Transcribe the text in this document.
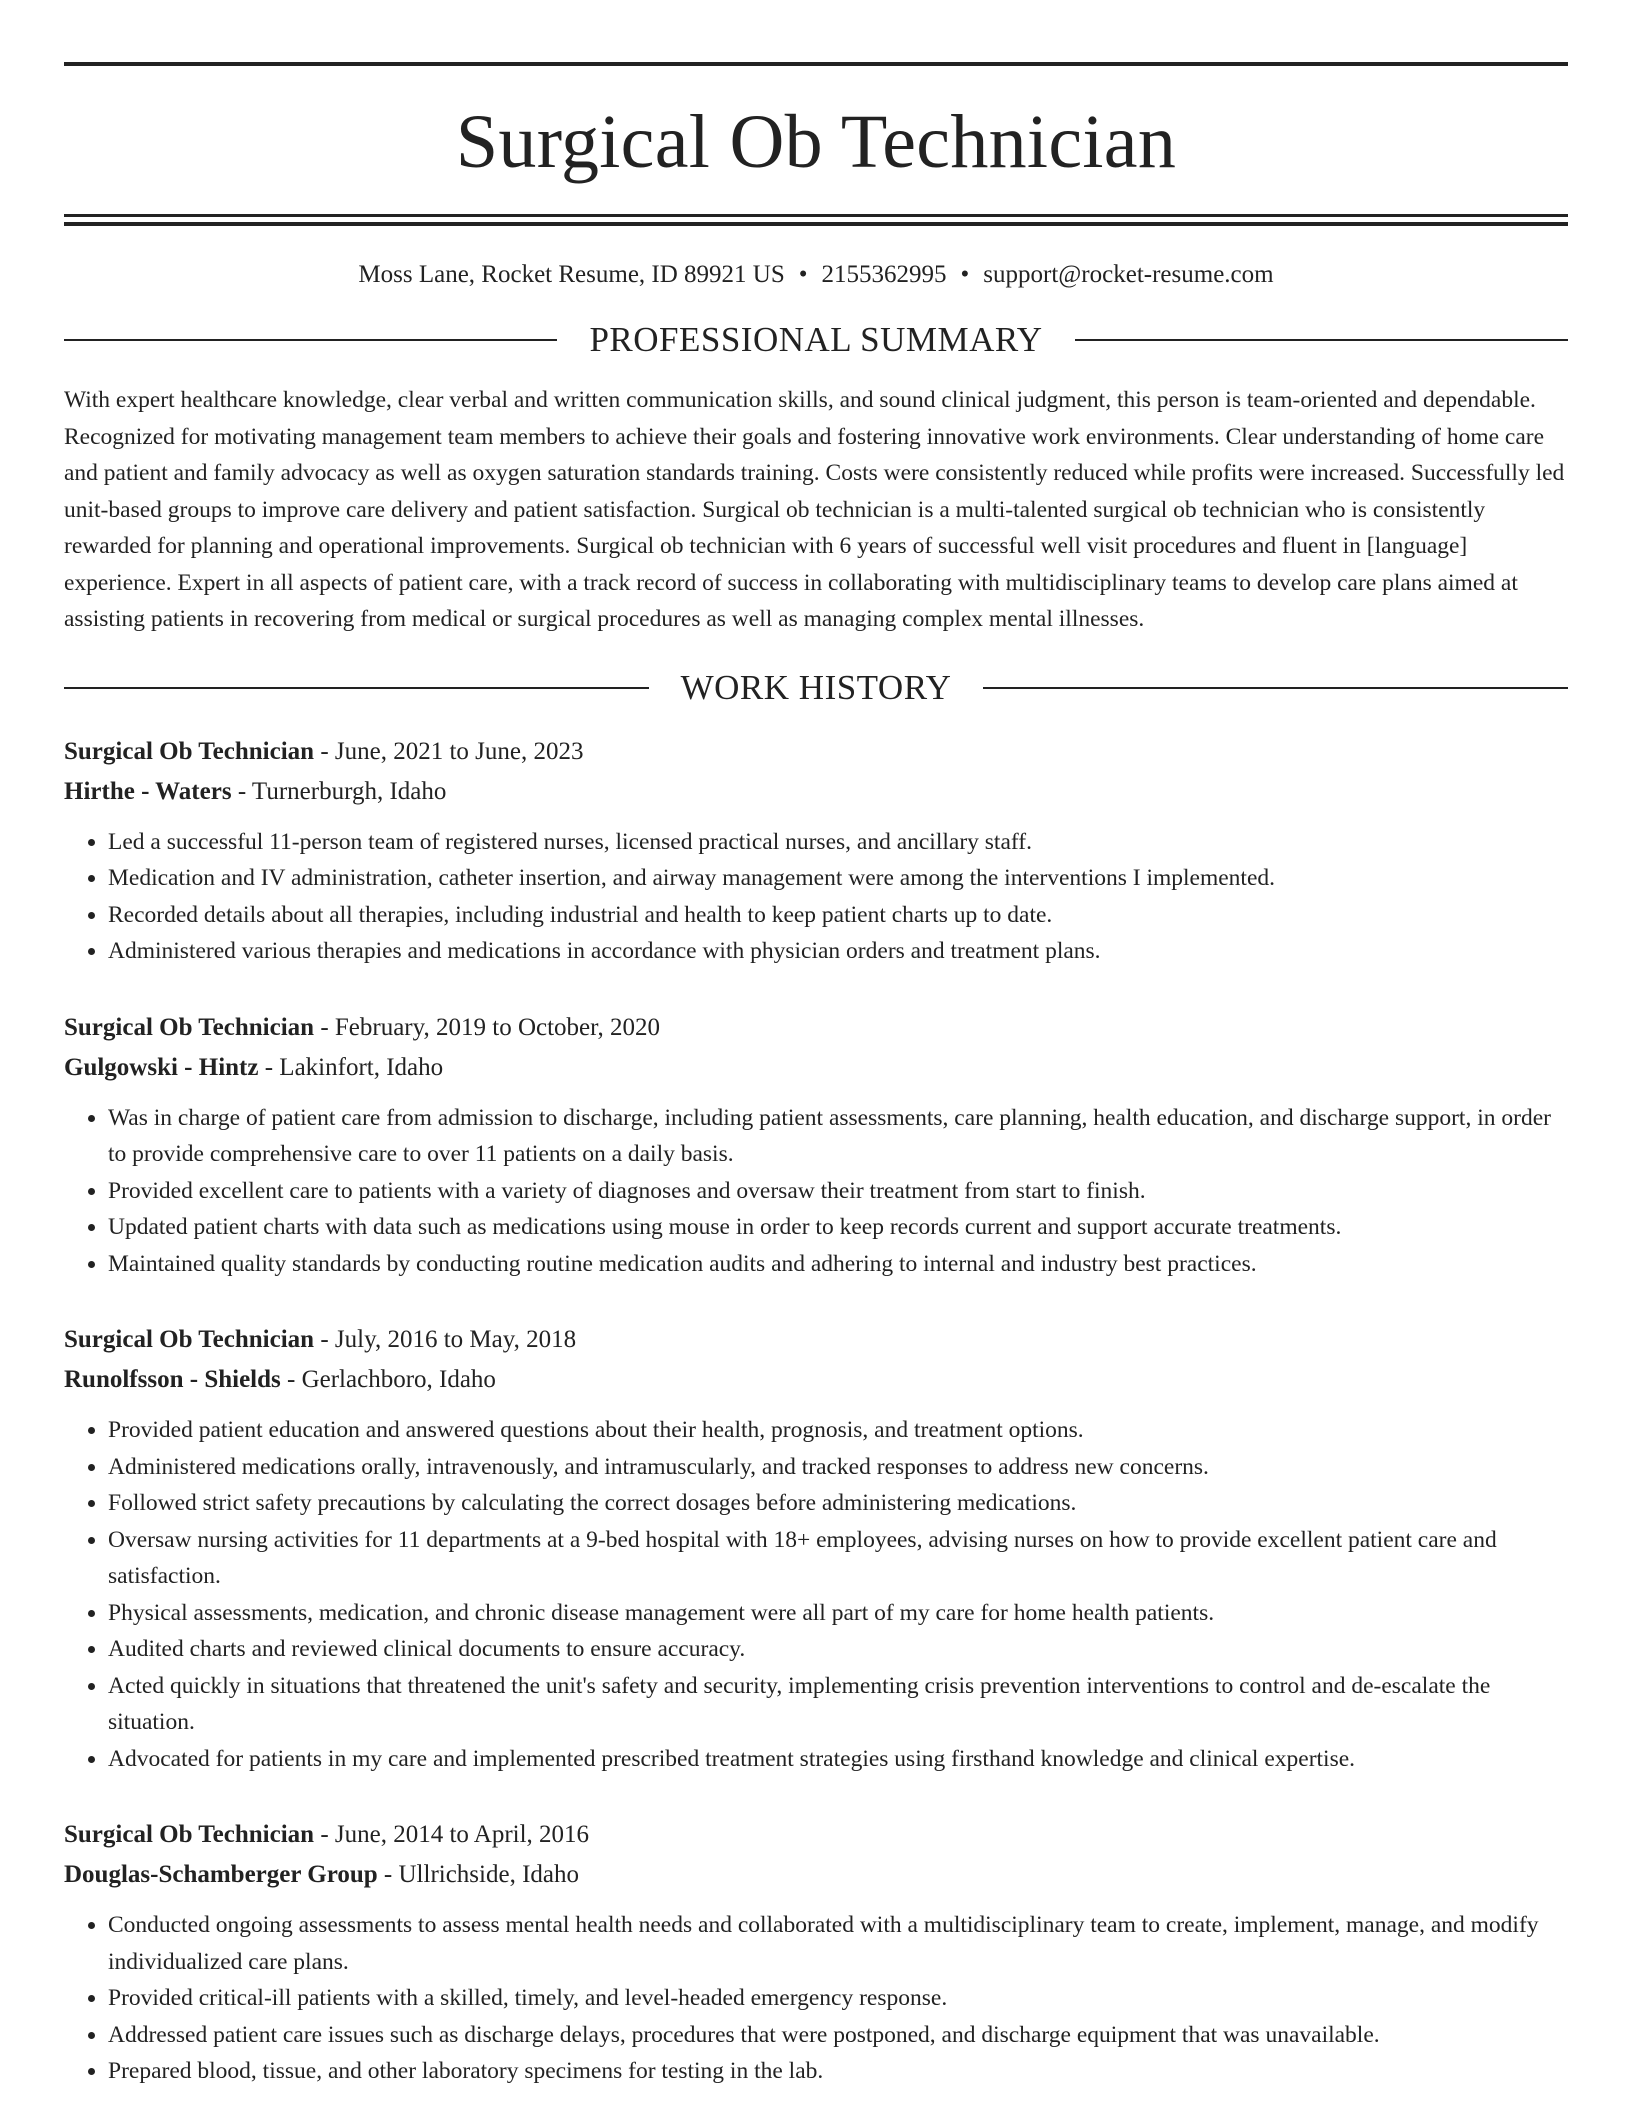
Surgical Ob Technician
Moss Lane, Rocket Resume, ID 89921 US • 2155362995 • support@rocket-resume.com
PROFESSIONAL SUMMARY

With expert healthcare knowledge, clear verbal and written communication skills, and sound clinical judgment, this person is team-oriented and dependable. Recognized for motivating management team members to achieve their goals and fostering innovative work environments. Clear understanding of home care and patient and family advocacy as well as oxygen saturation standards training. Costs were consistently reduced while profits were increased. Successfully led unit-based groups to improve care delivery and patient satisfaction. Surgical ob technician is a multi-talented surgical ob technician who is consistently rewarded for planning and operational improvements. Surgical ob technician with 6 years of successful well visit procedures and fluent in [language] experience. Expert in all aspects of patient care, with a track record of success in collaborating with multidisciplinary teams to develop care plans aimed at assisting patients in recovering from medical or surgical procedures as well as managing complex mental illnesses.

WORK HISTORY
Surgical Ob Technician - June, 2021 to June, 2023
Hirthe - Waters - Turnerburgh, Idaho
• Led a successful 11-person team of registered nurses, licensed practical nurses, and ancillary staff.
• Medication and IV administration, catheter insertion, and airway management were among the interventions I implemented.
• Recorded details about all therapies, including industrial and health to keep patient charts up to date.
• Administered various therapies and medications in accordance with physician orders and treatment plans.
Surgical Ob Technician - February, 2019 to October, 2020
Gulgowski - Hintz - Lakinfort, Idaho
• Was in charge of patient care from admission to discharge, including patient assessments, care planning, health education, and discharge support, in order to provide comprehensive care to over 11 patients on a daily basis.
• Provided excellent care to patients with a variety of diagnoses and oversaw their treatment from start to finish.
• Updated patient charts with data such as medications using mouse in order to keep records current and support accurate treatments.
• Maintained quality standards by conducting routine medication audits and adhering to internal and industry best practices.
Surgical Ob Technician - July, 2016 to May, 2018
Runolfsson - Shields - Gerlachboro, Idaho
• Provided patient education and answered questions about their health, prognosis, and treatment options.
• Administered medications orally, intravenously, and intramuscularly, and tracked responses to address new concerns.
• Followed strict safety precautions by calculating the correct dosages before administering medications.
• Oversaw nursing activities for 11 departments at a 9-bed hospital with 18+ employees, advising nurses on how to provide excellent patient care and satisfaction.
• Physical assessments, medication, and chronic disease management were all part of my care for home health patients.
• Audited charts and reviewed clinical documents to ensure accuracy.
• Acted quickly in situations that threatened the unit's safety and security, implementing crisis prevention interventions to control and de-escalate the situation.
• Advocated for patients in my care and implemented prescribed treatment strategies using firsthand knowledge and clinical expertise.
Surgical Ob Technician - June, 2014 to April, 2016
Douglas-Schamberger Group - Ullrichside, Idaho
• Conducted ongoing assessments to assess mental health needs and collaborated with a multidisciplinary team to create, implement, manage, and modify individualized care plans.
• Provided critical-ill patients with a skilled, timely, and level-headed emergency response.
• Addressed patient care issues such as discharge delays, procedures that were postponed, and discharge equipment that was unavailable.
• Prepared blood, tissue, and other laboratory specimens for testing in the lab.
